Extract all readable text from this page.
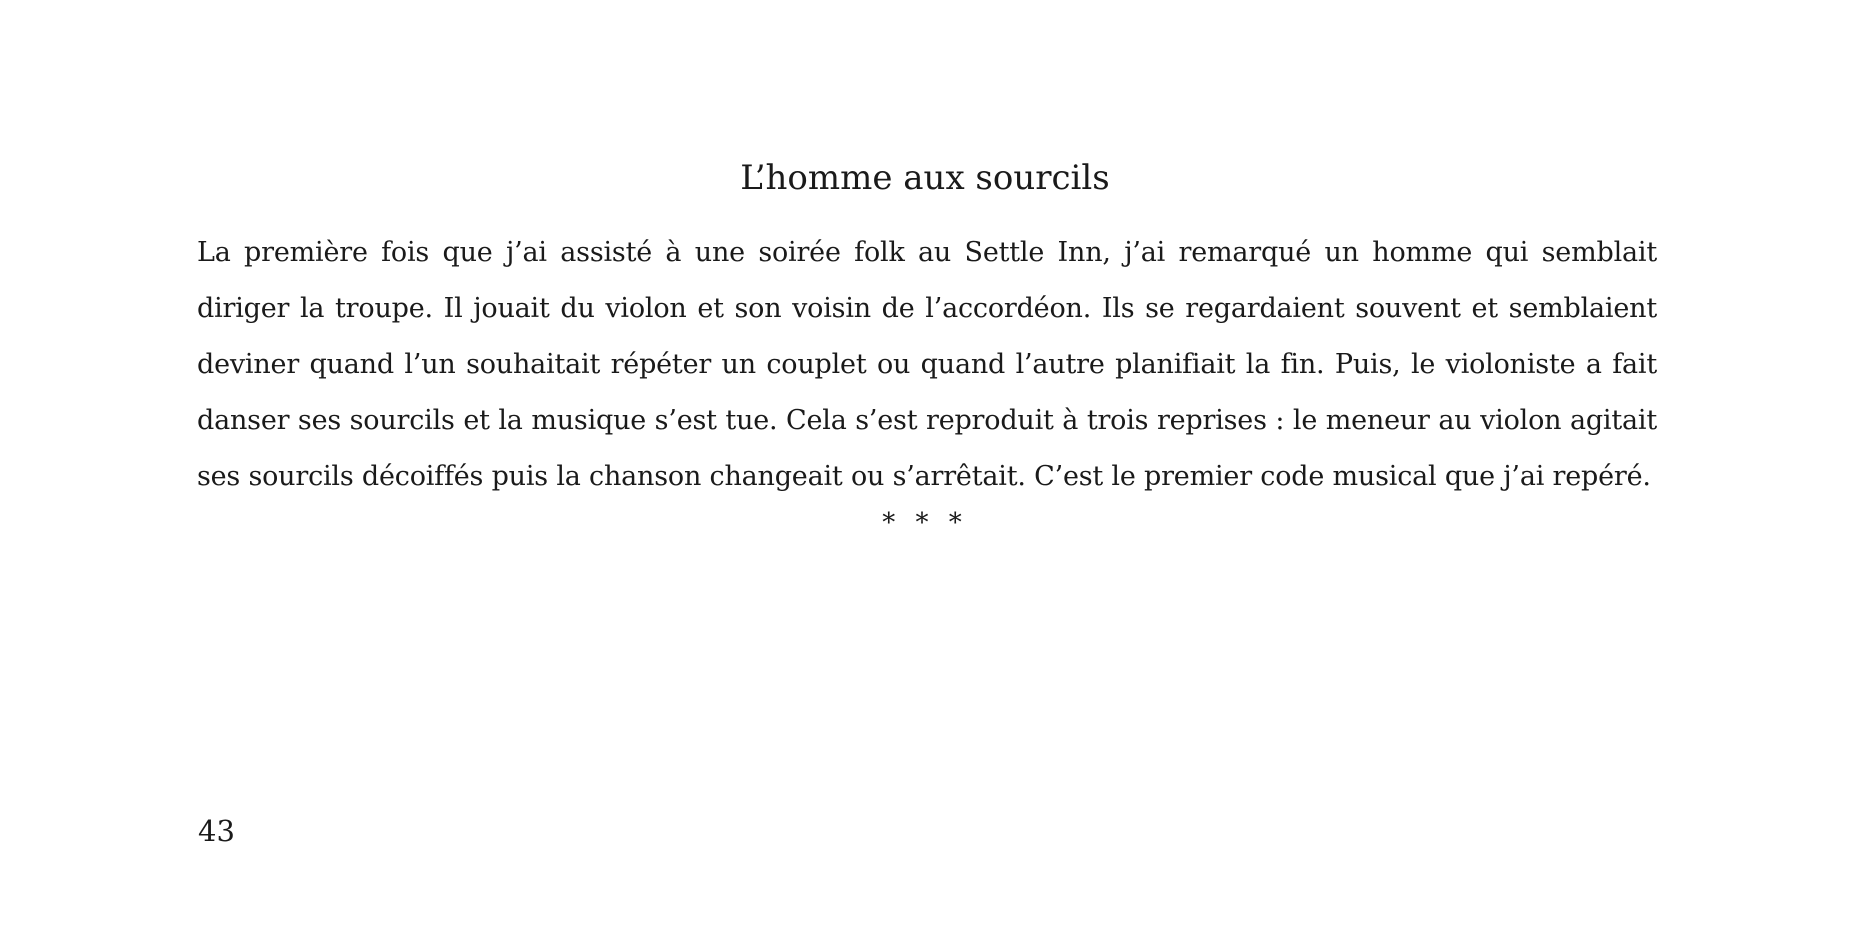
L’homme aux sourcils

La première fois que j’ai assisté à une soirée folk au Settle Inn, j’ai remarqué un homme qui semblait diriger la troupe. Il jouait du violon et son voisin de l’accordéon. Ils se regardaient souvent et semblaient deviner quand l’un souhaitait répéter un couplet ou quand l’autre planifiait la fin. Puis, le violoniste a fait danser ses sourcils et la musique s’est tue. Cela s’est reproduit à trois reprises : le meneur au violon agitait ses sourcils décoiffés puis la chanson changeait ou s’arrêtait. C’est le premier code musical que j’ai repéré.

* * *
43
